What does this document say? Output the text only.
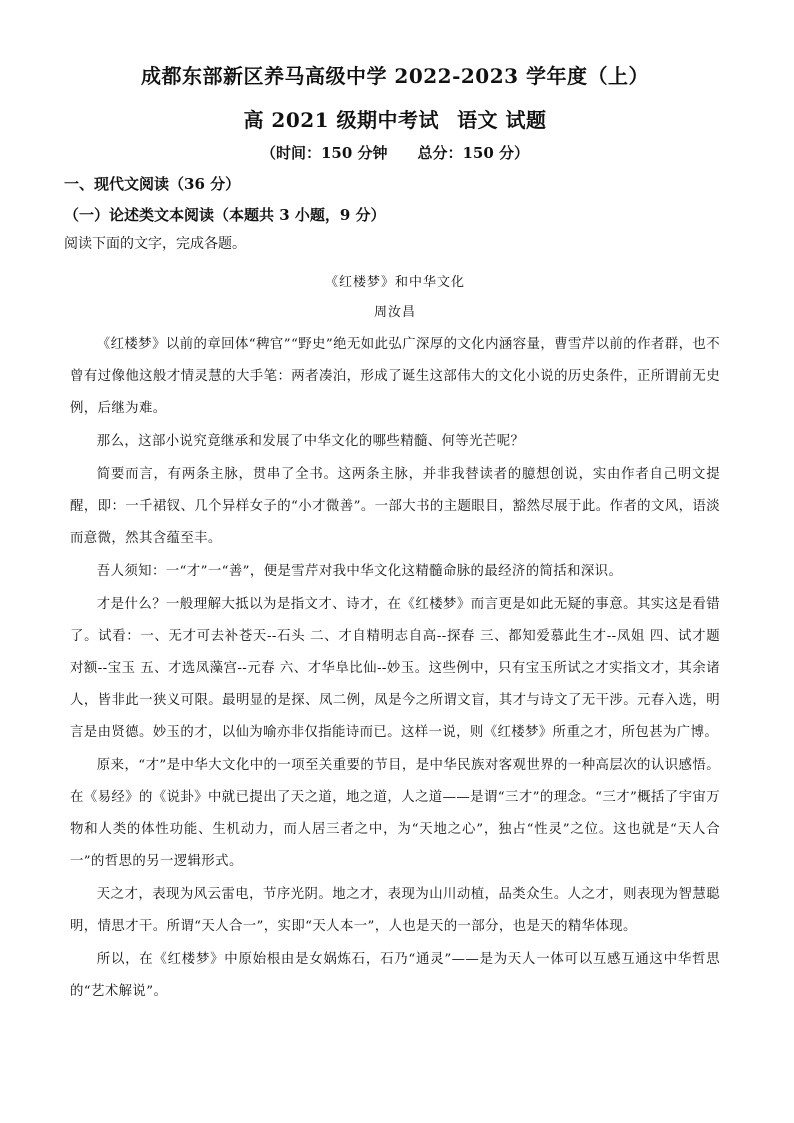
成都东部新区养马高级中学 2022-2023 学年度（上）
高 2021 级期中考试 语文 试题
（时间：150 分钟 总分：150 分）
一、现代文阅读（36 分）
（一）论述类文本阅读（本题共 3 小题，9 分）
阅读下面的文字，完成各题。
《红楼梦》和中华文化
周汝昌

《红楼梦》以前的章回体“稗官”“野史”绝无如此弘广深厚的文化内涵容量，曹雪芹以前的作者群，也不曾有过像他这般才情灵慧的大手笔：两者凑泊，形成了诞生这部伟大的文化小说的历史条件，正所谓前无史例，后继为难。

那么，这部小说究竟继承和发展了中华文化的哪些精髓、何等光芒呢？

简要而言，有两条主脉，贯串了全书。这两条主脉，并非我替读者的臆想创说，实由作者自己明文提醒，即：一千裙钗、几个异样女子的“小才微善”。一部大书的主题眼目，豁然尽展于此。作者的文风，语淡而意微，然其含蕴至丰。

吾人须知：一“才”一“善”，便是雪芹对我中华文化这精髓命脉的最经济的简括和深识。

才是什么？一般理解大抵以为是指文才、诗才，在《红楼梦》而言更是如此无疑的事意。其实这是看错了。试看：一、无才可去补苍天--石头 二、才自精明志自高--探春 三、都知爱慕此生才--凤姐 四、试才题对额--宝玉 五、才选凤藻宫--元春 六、才华阜比仙--妙玉。这些例中，只有宝玉所试之才实指文才，其余诸人，皆非此一狭义可限。最明显的是探、凤二例，凤是今之所谓文盲，其才与诗文了无干涉。元春入选，明言是由贤德。妙玉的才，以仙为喻亦非仅指能诗而已。这样一说，则《红楼梦》所重之才，所包甚为广博。

原来，“才”是中华大文化中的一项至关重要的节目，是中华民族对客观世界的一种高层次的认识感悟。在《易经》的《说卦》中就已提出了天之道，地之道，人之道——是谓“三才”的理念。“三才”概括了宇宙万物和人类的体性功能、生机动力，而人居三者之中，为“天地之心”，独占“性灵”之位。这也就是“天人合一”的哲思的另一逻辑形式。

天之才，表现为风云雷电，节序光阴。地之才，表现为山川动植，品类众生。人之才，则表现为智慧聪明，情思才干。所谓“天人合一”，实即“天人本一”，人也是天的一部分，也是天的精华体现。

所以，在《红楼梦》中原始根由是女娲炼石，石乃“通灵”——是为天人一体可以互感互通这中华哲思的“艺术解说”。
